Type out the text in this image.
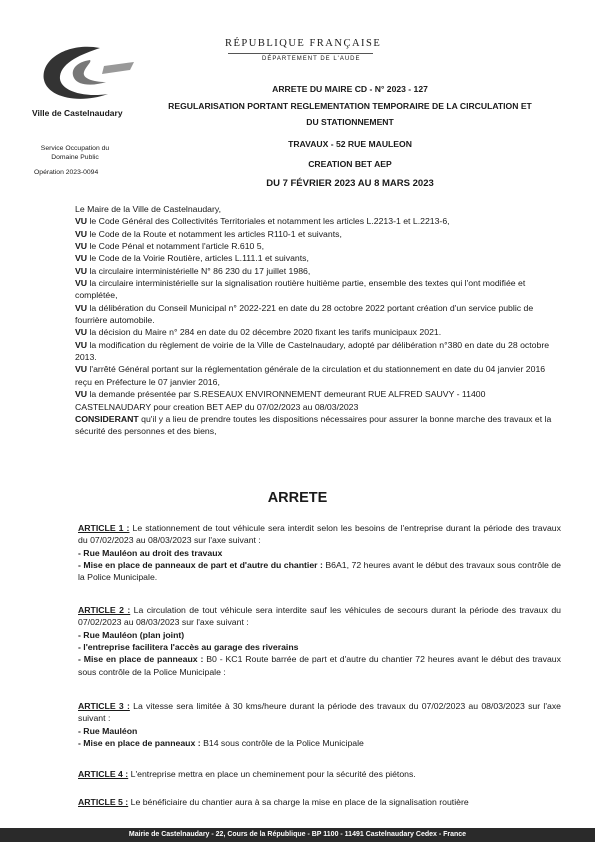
Ville de Castelnaudary
RÉPUBLIQUE FRANÇAISE
DÉPARTEMENT DE L'AUDE
Service Occupation du Domaine Public
Opération 2023-0094
ARRETE DU MAIRE CD - N° 2023 - 127
REGULARISATION PORTANT REGLEMENTATION TEMPORAIRE DE LA CIRCULATION ET
DU STATIONNEMENT
TRAVAUX - 52 RUE MAULEON
CREATION BET AEP
DU 7 FÉVRIER 2023 AU 8 MARS 2023

Le Maire de la Ville de Castelnaudary,

VU le Code Général des Collectivités Territoriales et notamment les articles L.2213-1 et L.2213-6,

VU le Code de la Route et notamment les articles R110-1 et suivants,

VU le Code Pénal et notamment l'article R.610 5,

VU le Code de la Voirie Routière, articles L.111.1 et suivants,

VU la circulaire interministérielle N° 86 230 du 17 juillet 1986,

VU la circulaire interministérielle sur la signalisation routière huitième partie, ensemble des textes qui l'ont modifiée et complétée,

VU la délibération du Conseil Municipal n° 2022-221 en date du 28 octobre 2022 portant création d'un service public de fourrière automobile.

VU la décision du Maire n° 284 en date du 02 décembre 2020 fixant les tarifs municipaux 2021.

VU la modification du règlement de voirie de la Ville de Castelnaudary, adopté par délibération n°380 en date du 28 octobre 2013.

VU l'arrêté Général portant sur la réglementation générale de la circulation et du stationnement en date du 04 janvier 2016 reçu en Préfecture le 07 janvier 2016,

VU la demande présentée par S.RESEAUX ENVIRONNEMENT demeurant RUE ALFRED SAUVY - 11400 CASTELNAUDARY pour creation BET AEP du 07/02/2023 au 08/03/2023

CONSIDERANT qu'il y a lieu de prendre toutes les dispositions nécessaires pour assurer la bonne marche des travaux et la sécurité des personnes et des biens,

ARRETE

ARTICLE 1 : Le stationnement de tout véhicule sera interdit selon les besoins de l'entreprise durant la période des travaux du 07/02/2023 au 08/03/2023 sur l'axe suivant :

- Rue Mauléon au droit des travaux

- Mise en place de panneaux de part et d'autre du chantier : B6A1, 72 heures avant le début des travaux sous contrôle de la Police Municipale.

ARTICLE 2 : La circulation de tout véhicule sera interdite sauf les véhicules de secours durant la période des travaux du 07/02/2023 au 08/03/2023 sur l'axe suivant :

- Rue Mauléon (plan joint)

- l'entreprise facilitera l'accès au garage des riverains

- Mise en place de panneaux : B0 - KC1 Route barrée de part et d'autre du chantier 72 heures avant le début des travaux sous contrôle de la Police Municipale :

ARTICLE 3 : La vitesse sera limitée à 30 kms/heure durant la période des travaux du 07/02/2023 au 08/03/2023 sur l'axe suivant :

- Rue Mauléon

- Mise en place de panneaux : B14 sous contrôle de la Police Municipale

ARTICLE 4 : L'entreprise mettra en place un cheminement pour la sécurité des piétons.

ARTICLE 5 : Le bénéficiaire du chantier aura à sa charge la mise en place de la signalisation routière

Mairie de Castelnaudary - 22, Cours de la République - BP 1100 - 11491 Castelnaudary Cedex - France
